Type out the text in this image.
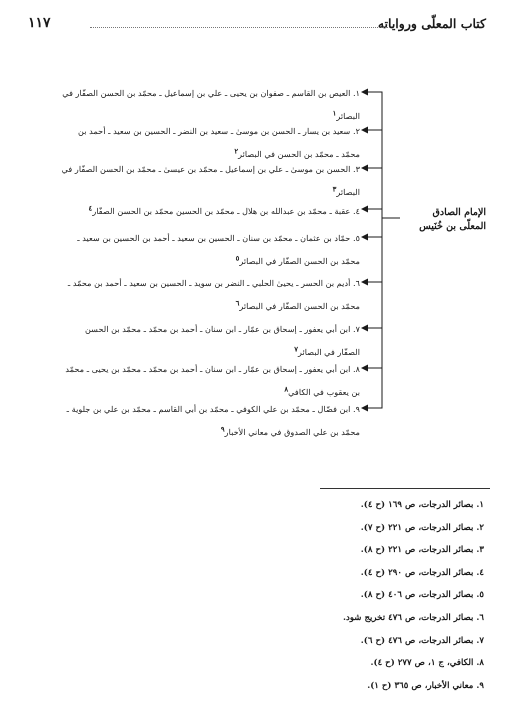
كتاب المعلّى ورواياته
١١٧
١. العيص بن القاسم ـ صفوان بن يحيى ـ علي بن إسماعيل ـ محمّد بن الحسن الصفّار في
البصائر$^١$
٢. سعيد بن يسار ـ الحسن بن موسىٰ ـ سعيد بن النضر ـ الحسين بن سعيد ـ أحمد بن
محمّد ـ محمّد بن الحسن في البصائر$^٢$
٣. الحسن بن موسىٰ ـ علي بن إسماعيل ـ محمّد بن عيسىٰ ـ محمّد بن الحسن الصفّار في
البصائر$^٣$
٤. عقبة ـ محمّد بن عبدالله بن هلال ـ محمّد بن الحسين محمّد بن الحسن الصفّار$^٤$
٥. حمّاد بن عثمان ـ محمّد بن سنان ـ الحسين بن سعيد ـ أحمد بن الحسين بن سعيد ـ
محمّد بن الحسن الصفّار في البصائر$^٥$
٦. أديم بن الحسر ـ يحيىٰ الحلبي ـ النضر بن سويد ـ الحسين بن سعيد ـ أحمد بن محمّد ـ
محمّد بن الحسن الصفّار في البصائر$^٦$
٧. ابن أبي يعفور ـ إسحاق بن عمّار ـ ابن سنان ـ أحمد بن محمّد ـ محمّد بن الحسن
الصفّار في البصائر$^٧$
٨. ابن أبي يعفور ـ إسحاق بن عمّار ـ ابن سنان ـ أحمد بن محمّد ـ محمّد بن يحيى ـ محمّد
بن يعقوب في الكافي$^٨$
٩. ابن فضّال ـ محمّد بن علي الكوفي ـ محمّد بن أبي القاسم ـ محمّد بن علي بن جلوية ـ
محمّد بن علي الصدوق في معاني الأخبار$^٩$
الإمام الصادق
المعلّى بن خُنَيس
١. بصائر الدرجات، ص ١٦٩ (ح ٤).
٢. بصائر الدرجات، ص ٢٢١ (ح ٧).
٣. بصائر الدرجات، ص ٢٢١ (ح ٨).
٤. بصائر الدرجات، ص ٢٩٠ (ح ٤).
٥. بصائر الدرجات، ص ٤٠٦ (ح ٨).
٦. بصائر الدرجات، ص ٤٧٦ تخريج شود.
٧. بصائر الدرجات، ص ٤٧٦ (ح ٦).
٨. الكافي، ج ١، ص ٢٧٧ (ح ٤).
٩. معاني الأخبار، ص ٣٦٥ (ح ١).
